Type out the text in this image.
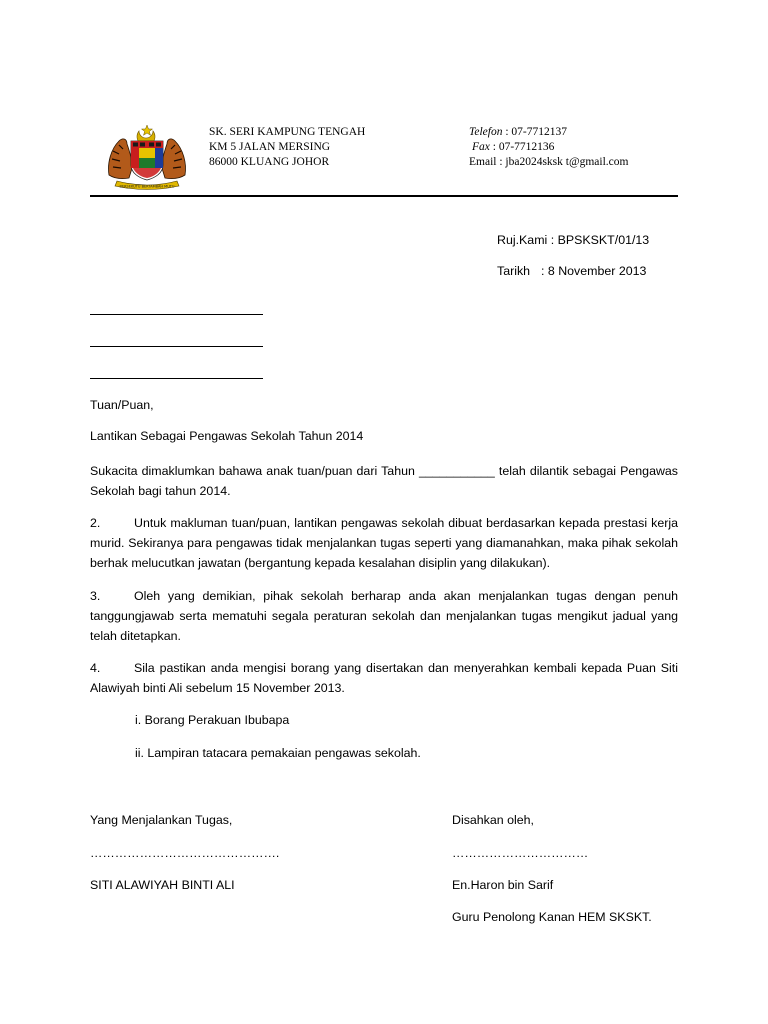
BERSEKUTU BERTAMBAH MUTU
SK. SERI KAMPUNG TENGAH
KM 5 JALAN MERSING
86000 KLUANG JOHOR
Telefon : 07-7712137
Fax : 07-7712136
Email : jba2024sksk t@gmail.com
Ruj.Kami : BPSKSKT/01/13
Tarikh : 8 November 2013
Tuan/Puan,
Lantikan Sebagai Pengawas Sekolah Tahun 2014
Sukacita dimaklumkan bahawa anak tuan/puan dari Tahun ___________ telah dilantik sebagai Pengawas Sekolah bagi tahun 2014.
2.	Untuk makluman tuan/puan, lantikan pengawas sekolah dibuat berdasarkan kepada prestasi kerja murid. Sekiranya para pengawas tidak menjalankan tugas seperti yang diamanahkan, maka pihak sekolah berhak melucutkan jawatan (bergantung kepada kesalahan disiplin yang dilakukan).
3.	Oleh yang demikian, pihak sekolah berharap anda akan menjalankan tugas dengan penuh tanggungjawab serta mematuhi segala peraturan sekolah dan menjalankan tugas mengikut jadual yang telah ditetapkan.
4.	Sila pastikan anda mengisi borang yang disertakan dan menyerahkan kembali kepada Puan Siti Alawiyah binti Ali sebelum 15 November 2013.
i. Borang Perakuan Ibubapa
ii. Lampiran tatacara pemakaian pengawas sekolah.
Yang Menjalankan Tugas,
……………………………………….
SITI ALAWIYAH BINTI ALI
Disahkan oleh,
……………………………
En.Haron bin Sarif
Guru Penolong Kanan HEM SKSKT.
